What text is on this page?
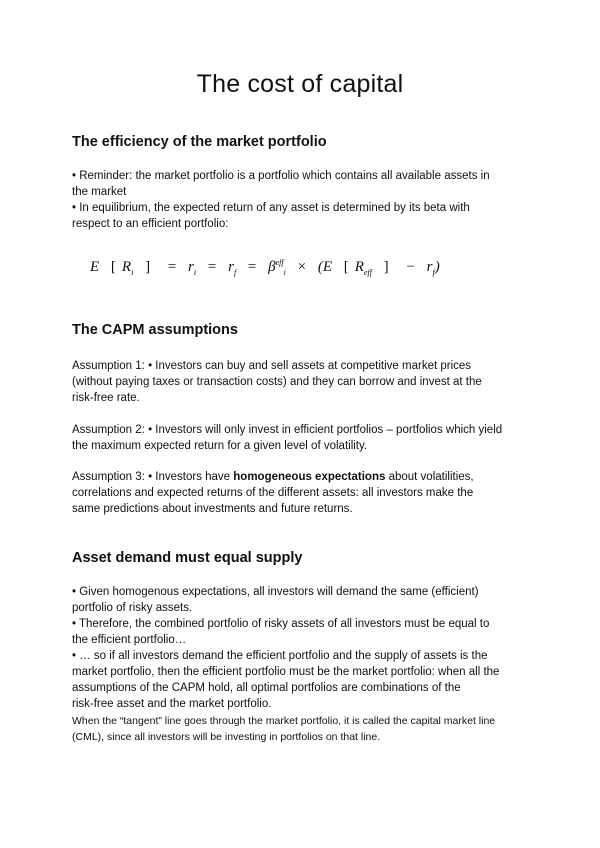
The cost of capital
The efficiency of the market portfolio

• Reminder: the market portfolio is a portfolio which contains all available assets in
the market
• In equilibrium, the expected return of any asset is determined by its beta with
respect to an efficient portfolio:

E [ $R_i$ ] = $r_i = r_f = \beta^{eff}_i \times (E$ [ $R_{eff}$ ] − $r_f$)
The CAPM assumptions

Assumption 1: • Investors can buy and sell assets at competitive market prices
(without paying taxes or transaction costs) and they can borrow and invest at the
risk-free rate.

Assumption 2: • Investors will only invest in efficient portfolios – portfolios which yield
the maximum expected return for a given level of volatility.

Assumption 3: • Investors have homogeneous expectations about volatilities,
correlations and expected returns of the different assets: all investors make the
same predictions about investments and future returns.

Asset demand must equal supply

• Given homogenous expectations, all investors will demand the same (efficient)
portfolio of risky assets.
• Therefore, the combined portfolio of risky assets of all investors must be equal to
the efficient portfolio…
• … so if all investors demand the efficient portfolio and the supply of assets is the
market portfolio, then the efficient portfolio must be the market portfolio: when all the
assumptions of the CAPM hold, all optimal portfolios are combinations of the
risk-free asset and the market portfolio.

When the “tangent” line goes through the market portfolio, it is called the capital market line
(CML), since all investors will be investing in portfolios on that line.
